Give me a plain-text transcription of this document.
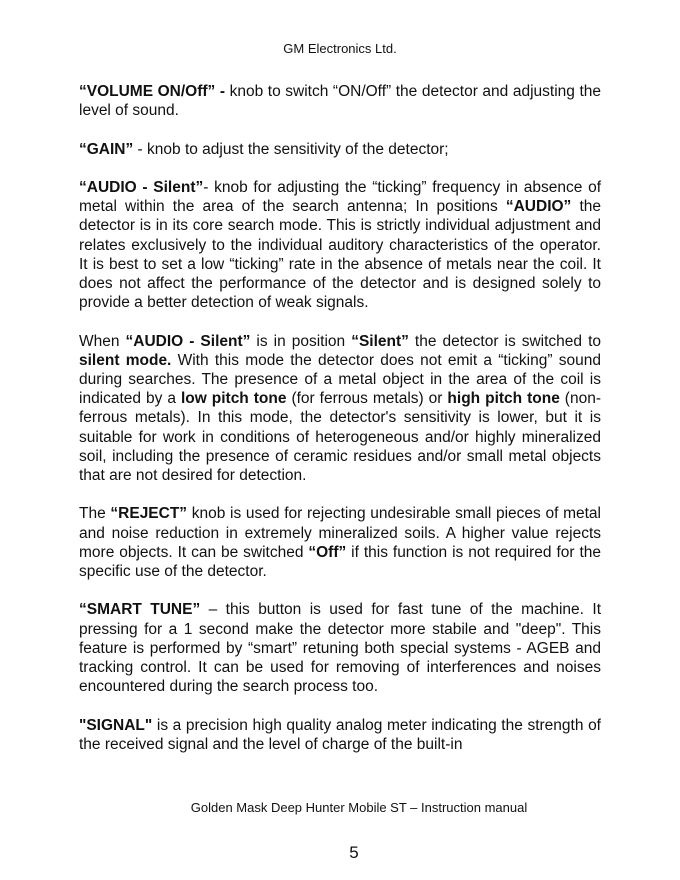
GM Electronics Ltd.

“VOLUME ON/Off” - knob to switch “ON/Off” the detector and adjusting the level of sound.

“GAIN” - knob to adjust the sensitivity of the detector;

“AUDIO - Silent”- knob for adjusting the “ticking” frequency in absence of metal within the area of the search antenna; In positions “AUDIO” the detector is in its core search mode. This is strictly individual adjustment and relates exclusively to the individual auditory characteristics of the operator. It is best to set a low “ticking” rate in the absence of metals near the coil. It does not affect the performance of the detector and is designed solely to provide a better detection of weak signals.

When “AUDIO - Silent” is in position “Silent” the detector is switched to silent mode. With this mode the detector does not emit a “ticking” sound during searches. The presence of a metal object in the area of the coil is indicated by a low pitch tone (for ferrous metals) or high pitch tone (non-ferrous metals). In this mode, the detector's sensitivity is lower, but it is suitable for work in conditions of heterogeneous and/or highly mineralized soil, including the presence of ceramic residues and/or small metal objects that are not desired for detection.

The “REJECT” knob is used for rejecting undesirable small pieces of metal and noise reduction in extremely mineralized soils. A higher value rejects more objects. It can be switched “Off” if this function is not required for the specific use of the detector.

“SMART TUNE” – this button is used for fast tune of the machine. It pressing for a 1 second make the detector more stabile and "deep". This feature is performed by “smart” retuning both special systems - AGEB and tracking control. It can be used for removing of interferences and noises encountered during the search process too.

"SIGNAL" is a precision high quality analog meter indicating the strength of the received signal and the level of charge of the built-in

Golden Mask Deep Hunter Mobile ST – Instruction manual
5
